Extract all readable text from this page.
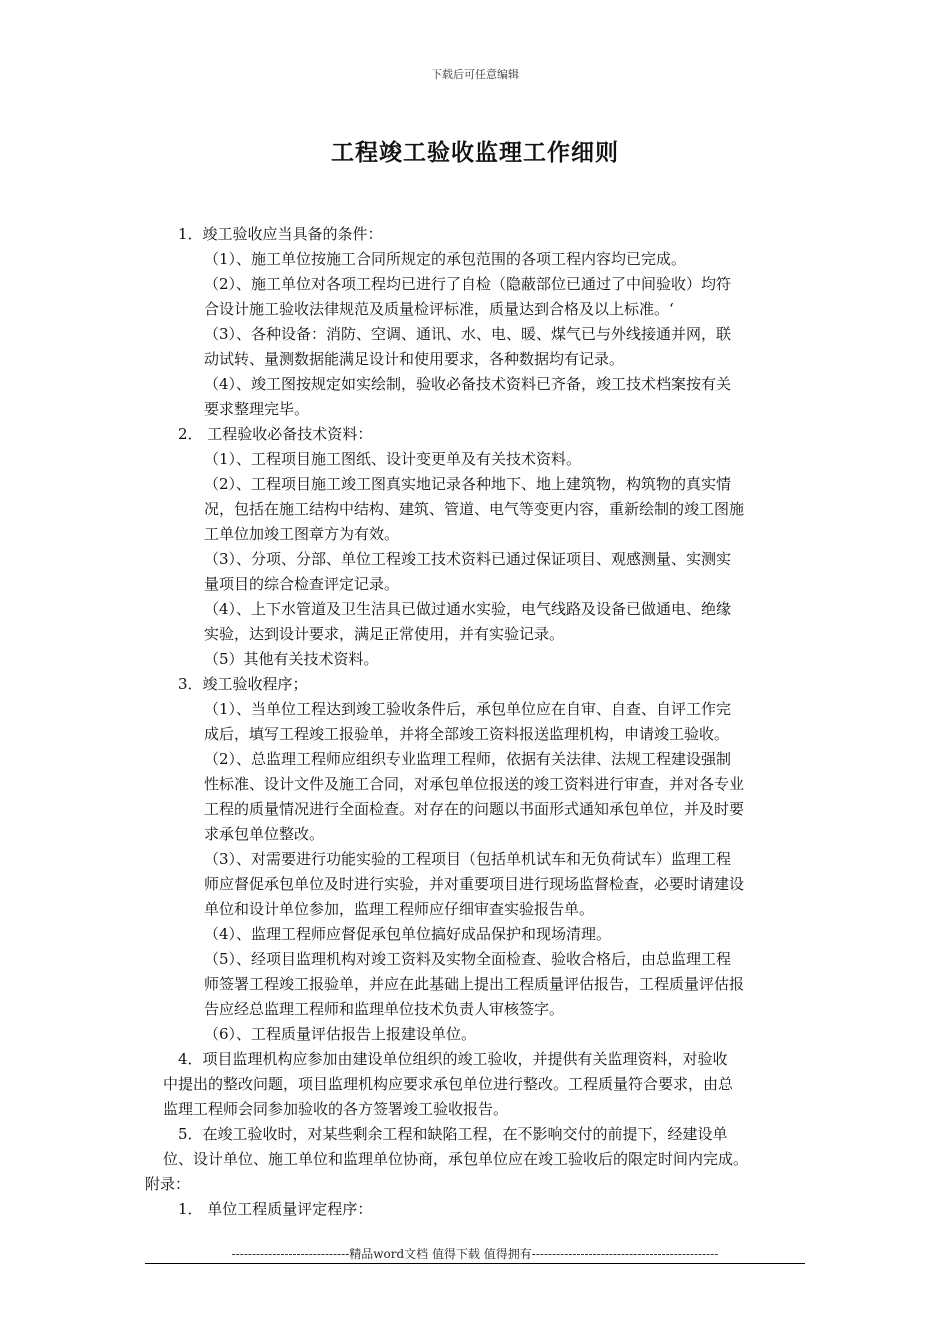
下载后可任意编辑
工程竣工验收监理工作细则
1．竣工验收应当具备的条件：
（1）、施工单位按施工合同所规定的承包范围的各项工程内容均已完成。
（2）、施工单位对各项工程均已进行了自检（隐蔽部位已通过了中间验收）均符
合设计施工验收法律规范及质量检评标准，质量达到合格及以上标准。‘
（3）、各种设备：消防、空调、通讯、水、电、暖、煤气已与外线接通并网，联
动试转、量测数据能满足设计和使用要求，各种数据均有记录。
（4）、竣工图按规定如实绘制，验收必备技术资料已齐备，竣工技术档案按有关
要求整理完毕。
2． 工程验收必备技术资料：
（1）、工程项目施工图纸、设计变更单及有关技术资料。
（2）、工程项目施工竣工图真实地记录各种地下、地上建筑物，构筑物的真实情
况，包括在施工结构中结构、建筑、管道、电气等变更内容，重新绘制的竣工图施
工单位加竣工图章方为有效。
（3）、分项、分部、单位工程竣工技术资料已通过保证项目、观感测量、实测实
量项目的综合检查评定记录。
（4）、上下水管道及卫生洁具已做过通水实验，电气线路及设备已做通电、绝缘
实验，达到设计要求，满足正常使用，并有实验记录。
（5）其他有关技术资料。
3．竣工验收程序；
（1）、当单位工程达到竣工验收条件后，承包单位应在自审、自查、自评工作完
成后，填写工程竣工报验单，并将全部竣工资料报送监理机构，申请竣工验收。
（2）、总监理工程师应组织专业监理工程师，依据有关法律、法规工程建设强制
性标准、设计文件及施工合同，对承包单位报送的竣工资料进行审查，并对各专业
工程的质量情况进行全面检查。对存在的问题以书面形式通知承包单位，并及时要
求承包单位整改。
（3）、对需要进行功能实验的工程项目（包括单机试车和无负荷试车）监理工程
师应督促承包单位及时进行实验，并对重要项目进行现场监督检查，必要时请建设
单位和设计单位参加，监理工程师应仔细审查实验报告单。
（4）、监理工程师应督促承包单位搞好成品保护和现场清理。
（5）、经项目监理机构对竣工资料及实物全面检查、验收合格后，由总监理工程
师签署工程竣工报验单，并应在此基础上提出工程质量评估报告，工程质量评估报
告应经总监理工程师和监理单位技术负责人审核签字。
（6）、工程质量评估报告上报建设单位。
4．项目监理机构应参加由建设单位组织的竣工验收，并提供有关监理资料，对验收
中提出的整改问题，项目监理机构应要求承包单位进行整改。工程质量符合要求，由总
监理工程师会同参加验收的各方签署竣工验收报告。
5．在竣工验收时，对某些剩余工程和缺陷工程，在不影响交付的前提下，经建设单
位、设计单位、施工单位和监理单位协商，承包单位应在竣工验收后的限定时间内完成。
附录：
1． 单位工程质量评定程序：
-----------------------------精品word文档 值得下载 值得拥有----------------------------------------------
